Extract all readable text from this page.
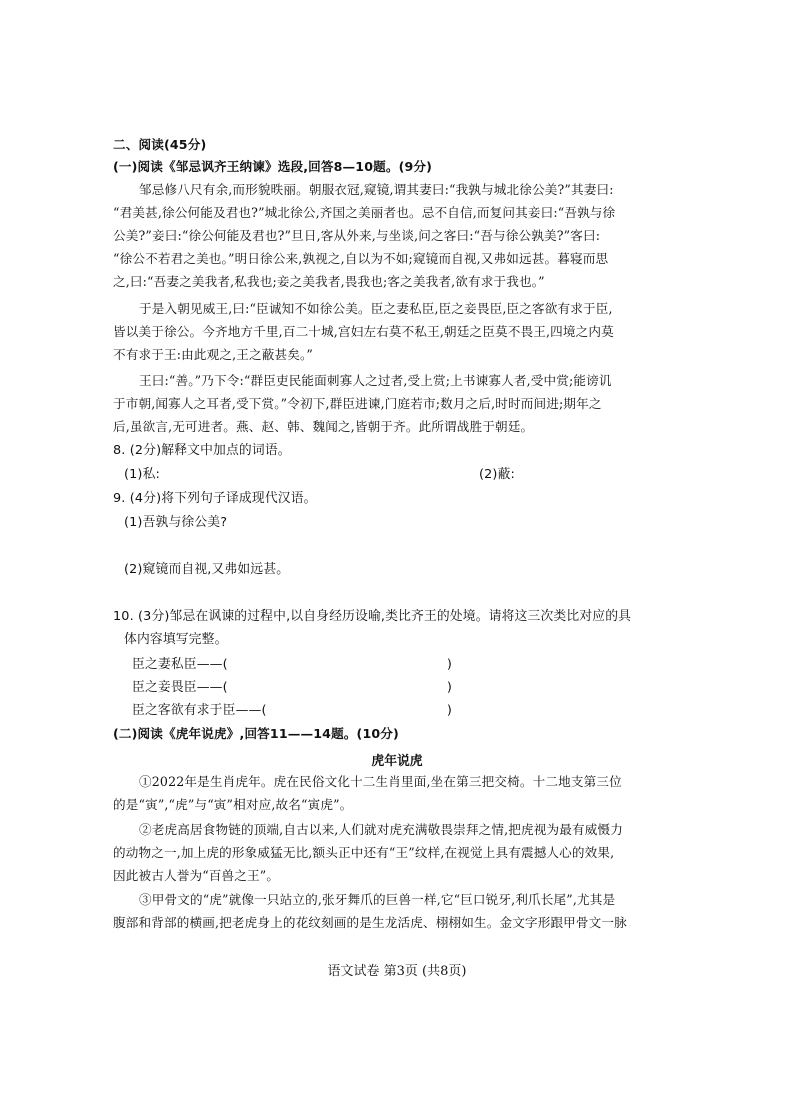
二、阅读(45分)
(一)阅读《邹忌讽齐王纳谏》选段,回答8—10题。(9分)
邹忌修八尺有余,而形貌昳丽。朝服衣冠,窥镜,谓其妻曰:“我孰与城北徐公美?”其妻曰:
“君美甚,徐公何能及君也?”城北徐公,齐国之美丽者也。忌不自信,而复问其妾曰:“吾孰与徐
公美?”妾曰:“徐公何能及君也?”旦日,客从外来,与坐谈,问之客曰:“吾与徐公孰美?”客曰:
“徐公不若君之美也。”明日徐公来,孰视之,自以为不如;窥镜而自视,又弗如远甚。暮寝而思
之,曰:“吾妻之美我者,私我也;妾之美我者,畏我也;客之美我者,欲有求于我也。”
于是入朝见威王,曰:“臣诚知不如徐公美。臣之妻私臣,臣之妾畏臣,臣之客欲有求于臣,
皆以美于徐公。今齐地方千里,百二十城,宫妇左右莫不私王,朝廷之臣莫不畏王,四境之内莫
不有求于王:由此观之,王之蔽甚矣。”
王曰:“善。”乃下令:“群臣吏民能面刺寡人之过者,受上赏;上书谏寡人者,受中赏;能谤讥
于市朝,闻寡人之耳者,受下赏。”令初下,群臣进谏,门庭若市;数月之后,时时而间进;期年之
后,虽欲言,无可进者。燕、赵、韩、魏闻之,皆朝于齐。此所谓战胜于朝廷。
8. (2分)解释文中加点的词语。
(1)私:	(2)蔽:
9. (4分)将下列句子译成现代汉语。
(1)吾孰与徐公美?
(2)窥镜而自视,又弗如远甚。
10. (3分)邹忌在讽谏的过程中,以自身经历设喻,类比齐王的处境。请将这三次类比对应的具
体内容填写完整。
臣之妻私臣——(	)
臣之妾畏臣——(	)
臣之客欲有求于臣——(	)
(二)阅读《虎年说虎》,回答11——14题。(10分)
虎年说虎
①2022年是生肖虎年。虎在民俗文化十二生肖里面,坐在第三把交椅。十二地支第三位
的是“寅”,“虎”与“寅”相对应,故名“寅虎”。
②老虎高居食物链的顶端,自古以来,人们就对虎充满敬畏崇拜之情,把虎视为最有威慑力
的动物之一,加上虎的形象威猛无比,额头正中还有“王”纹样,在视觉上具有震撼人心的效果,
因此被古人誉为“百兽之王”。
③甲骨文的“虎”就像一只站立的,张牙舞爪的巨兽一样,它“巨口锐牙,利爪长尾”,尤其是
腹部和背部的横画,把老虎身上的花纹刻画的是生龙活虎、栩栩如生。金文字形跟甲骨文一脉
语文试卷 第3页 (共8页)
